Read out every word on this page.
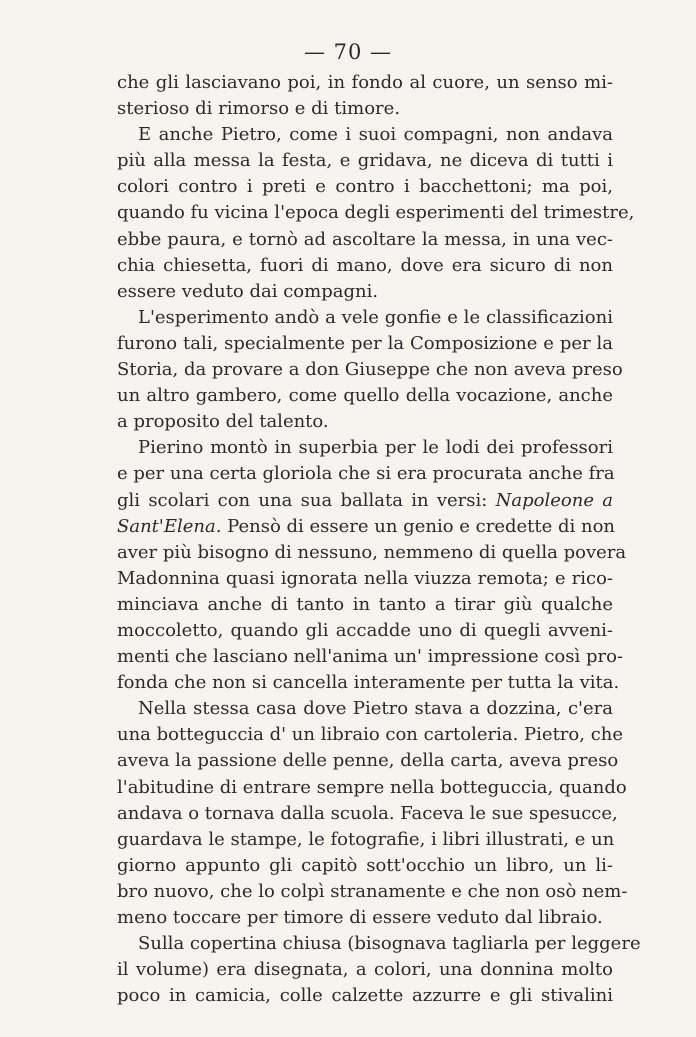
— 70 —
che gli lasciavano poi, in fondo al cuore, un senso mi-
sterioso di rimorso e di timore.
E anche Pietro, come i suoi compagni, non andava
più alla messa la festa, e gridava, ne diceva di tutti i
colori contro i preti e contro i bacchettoni; ma poi,
quando fu vicina l'epoca degli esperimenti del trimestre,
ebbe paura, e tornò ad ascoltare la messa, in una vec-
chia chiesetta, fuori di mano, dove era sicuro di non
essere veduto dai compagni.
L'esperimento andò a vele gonfie e le classificazioni
furono tali, specialmente per la Composizione e per la
Storia, da provare a don Giuseppe che non aveva preso
un altro gambero, come quello della vocazione, anche
a proposito del talento.
Pierino montò in superbia per le lodi dei professori
e per una certa gloriola che si era procurata anche fra
gli scolari con una sua ballata in versi: Napoleone a
Sant'Elena. Pensò di essere un genio e credette di non
aver più bisogno di nessuno, nemmeno di quella povera
Madonnina quasi ignorata nella viuzza remota; e rico-
minciava anche di tanto in tanto a tirar giù qualche
moccoletto, quando gli accadde uno di quegli avveni-
menti che lasciano nell'anima un' impressione così pro-
fonda che non si cancella interamente per tutta la vita.
Nella stessa casa dove Pietro stava a dozzina, c'era
una botteguccia d' un libraio con cartoleria. Pietro, che
aveva la passione delle penne, della carta, aveva preso
l'abitudine di entrare sempre nella botteguccia, quando
andava o tornava dalla scuola. Faceva le sue spesucce,
guardava le stampe, le fotografie, i libri illustrati, e un
giorno appunto gli capitò sott'occhio un libro, un li-
bro nuovo, che lo colpì stranamente e che non osò nem-
meno toccare per timore di essere veduto dal libraio.
Sulla copertina chiusa (bisognava tagliarla per leggere
il volume) era disegnata, a colori, una donnina molto
poco in camicia, colle calzette azzurre e gli stivalini
